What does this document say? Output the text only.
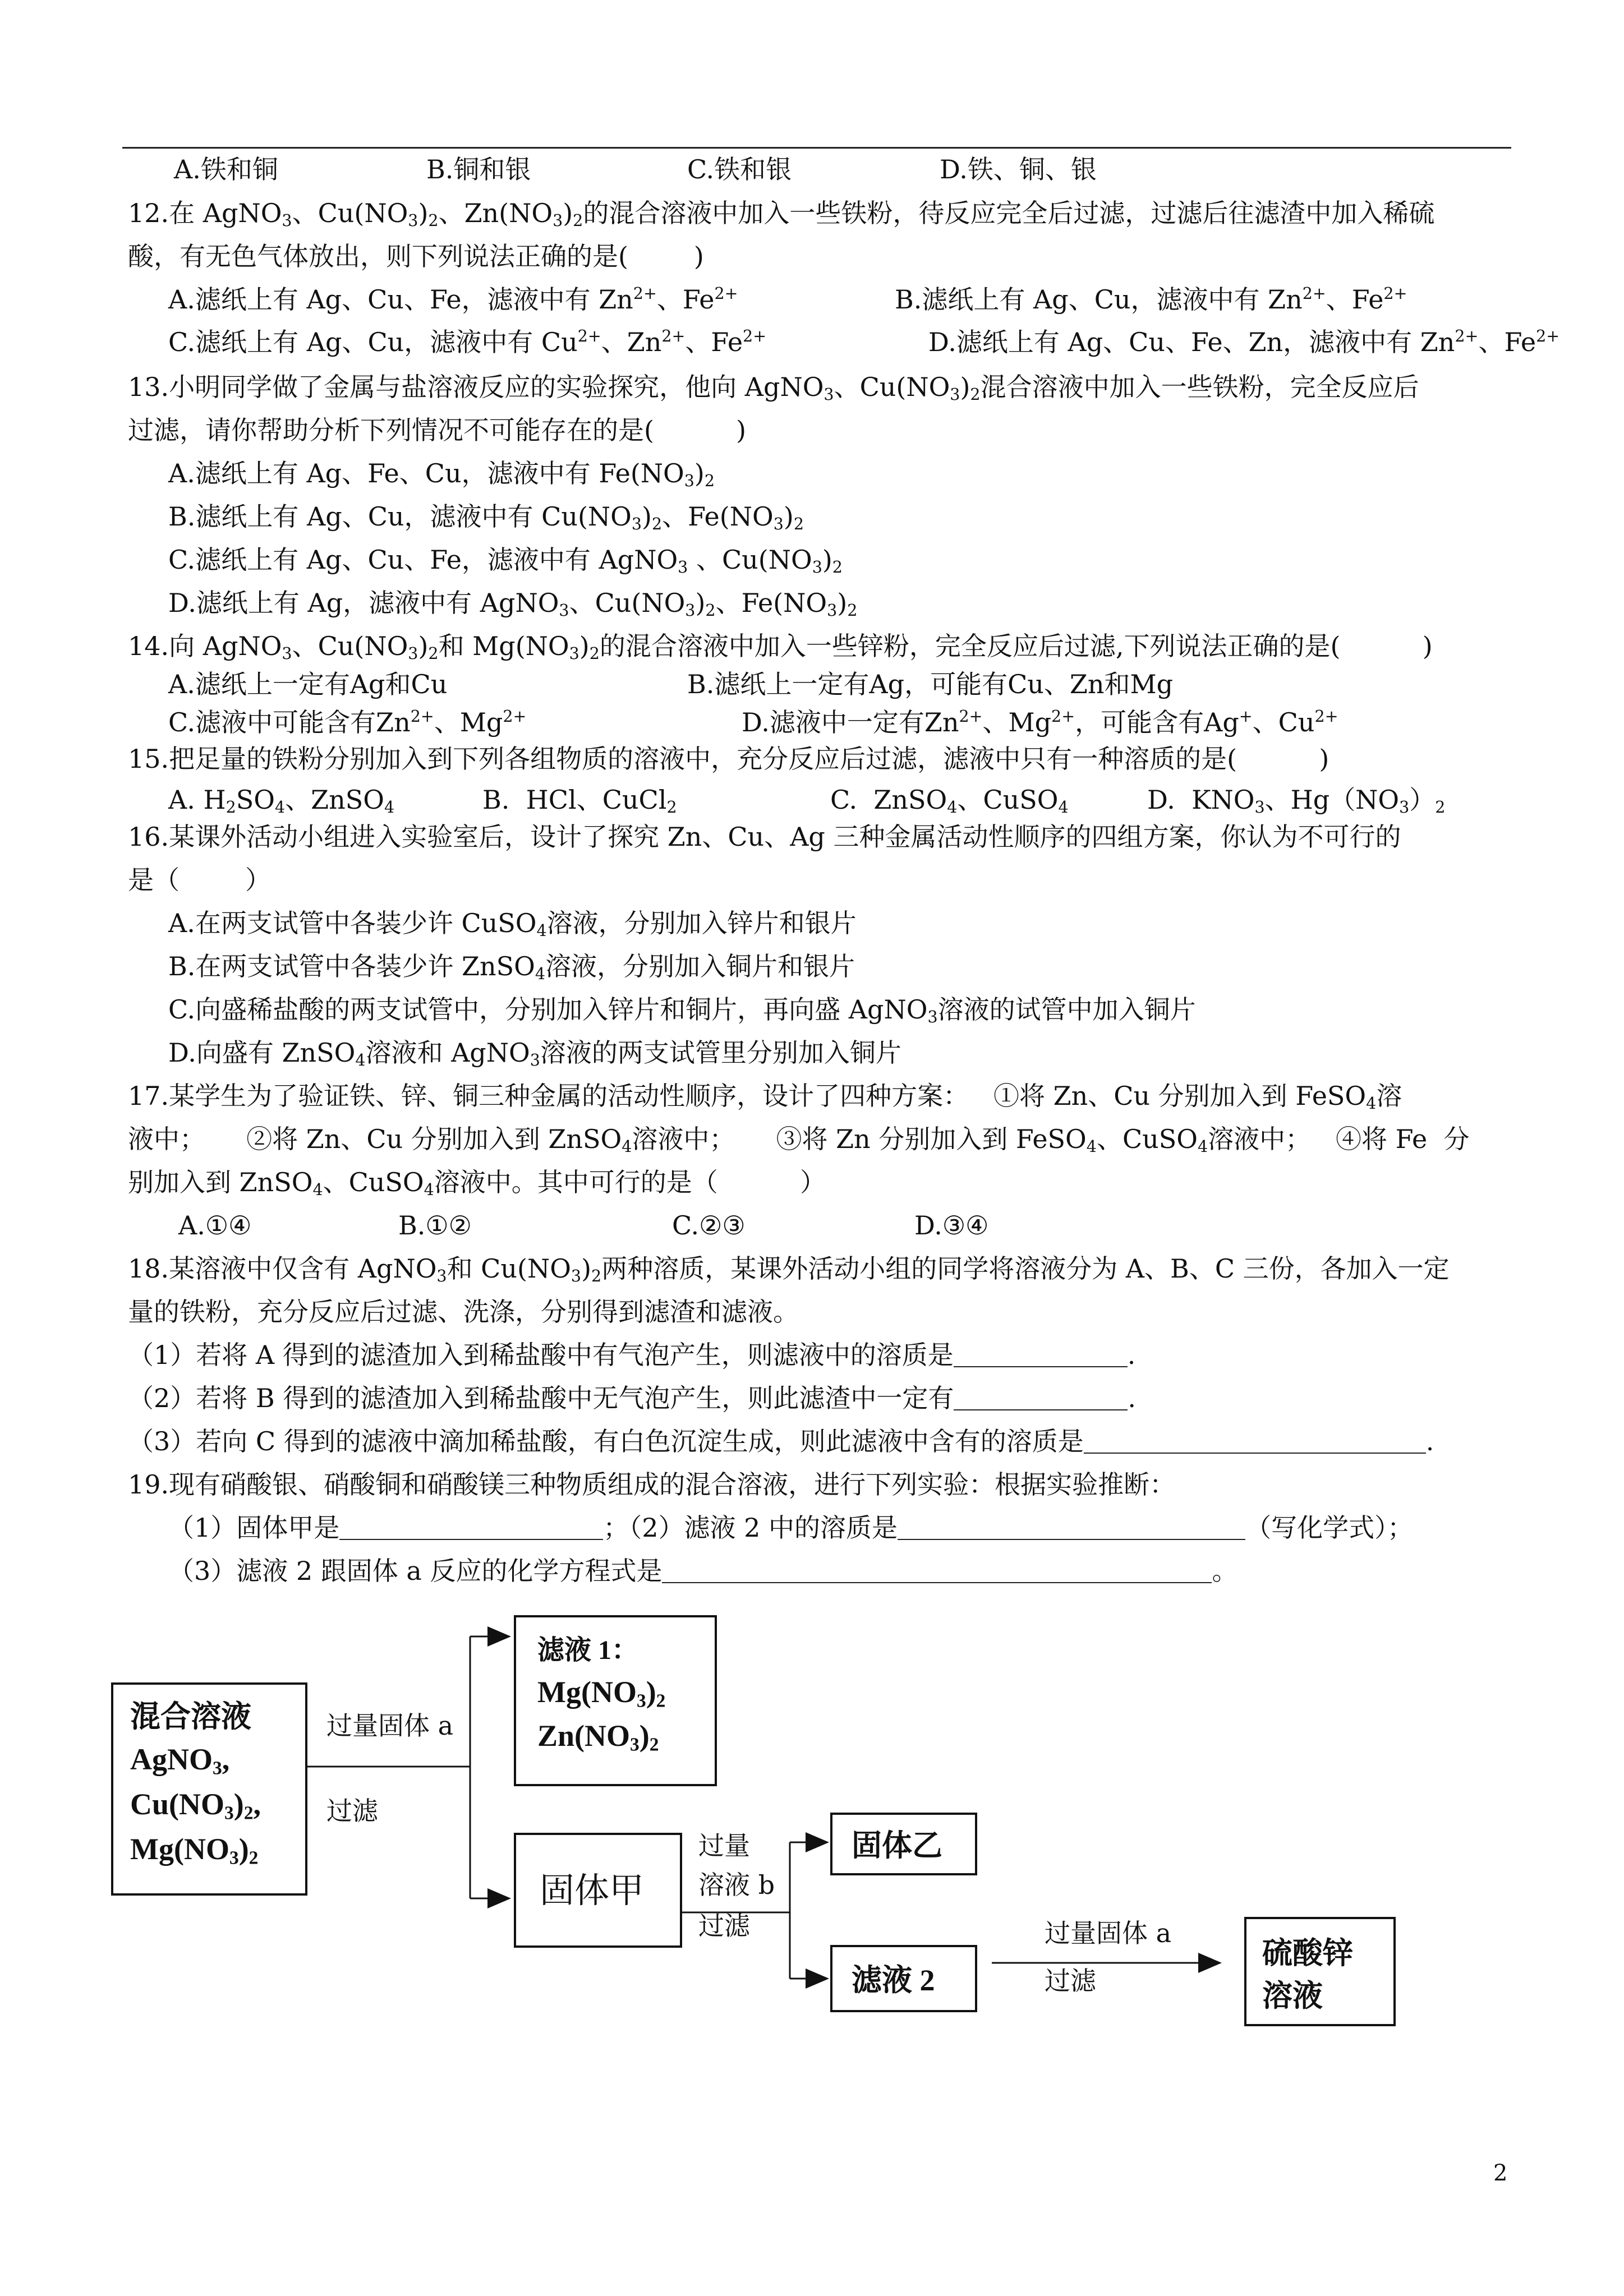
A.铁和铜	B.铜和银	C.铁和银	D.铁、铜、银
12.在 AgNO$_3$、$Cu(NO_3)_2$、$Zn(NO_3)_2$的混合溶液中加入一些铁粉，待反应完全后过滤，过滤后往滤渣中加入稀硫
酸，有无色气体放出，则下列说法正确的是(        )
A.滤纸上有 Ag、Cu、Fe，滤液中有 $Zn^{2+}$、$Fe^{2+}$	B.滤纸上有 Ag、Cu，滤液中有 $Zn^{2+}$、$Fe^{2+}$
C.滤纸上有 Ag、Cu，滤液中有 $Cu^{2+}$、$Zn^{2+}$、$Fe^{2+}$	D.滤纸上有 Ag、Cu、Fe、Zn，滤液中有 $Zn^{2+}$、$Fe^{2+}$
13.小明同学做了金属与盐溶液反应的实验探究，他向 AgNO$_3$、$Cu(NO_3)_2$混合溶液中加入一些铁粉，完全反应后
过滤，请你帮助分析下列情况不可能存在的是(          )
A.滤纸上有 Ag、Fe、Cu，滤液中有 $Fe(NO_3)_2$
B.滤纸上有 Ag、Cu，滤液中有 $Cu(NO_3)_2$、$Fe(NO_3)_2$
C.滤纸上有 Ag、Cu、Fe，滤液中有 AgNO$_3$ 、$Cu(NO_3)_2$
D.滤纸上有 Ag，滤液中有 AgNO$_3$、$Cu(NO_3)_2$、$Fe(NO_3)_2$
14.向 AgNO$_3$、$Cu(NO_3)_2$和 $Mg(NO_3)_2$的混合溶液中加入一些锌粉，完全反应后过滤,下列说法正确的是(          )
A.滤纸上一定有Ag和Cu	B.滤纸上一定有Ag，可能有Cu、Zn和Mg
C.滤液中可能含有$Zn^{2+}$、$Mg^{2+}$	D.滤液中一定有$Zn^{2+}$、$Mg^{2+}$，可能含有Ag+、$Cu^{2+}$
15.把足量的铁粉分别加入到下列各组物质的溶液中，充分反应后过滤，滤液中只有一种溶质的是(          )
A. $H_2SO_4$、ZnSO$_4$	B.  HCl、CuCl$_2$	C.  ZnSO$_4$、CuSO$_4$	D.  $KNO_3$、$Hg(NO_3)_2$
16.某课外活动小组进入实验室后，设计了探究 Zn、Cu、Ag 三种金属活动性顺序的四组方案，你认为不可行的
是（        ）
A.在两支试管中各装少许 CuSO$_4$溶液，分别加入锌片和银片
B.在两支试管中各装少许 ZnSO$_4$溶液，分别加入铜片和银片
C.向盛稀盐酸的两支试管中，分别加入锌片和铜片，再向盛 AgNO$_3$溶液的试管中加入铜片
D.向盛有 ZnSO$_4$溶液和 AgNO$_3$溶液的两支试管里分别加入铜片
17.某学生为了验证铁、锌、铜三种金属的活动性顺序，设计了四种方案：   ①将 Zn、Cu 分别加入到 FeSO$_4$溶
液中；     ②将 Zn、Cu 分别加入到 ZnSO$_4$溶液中；     ③将 Zn 分别加入到 FeSO$_4$、CuSO$_4$溶液中；   ④将 Fe  分
别加入到 ZnSO$_4$、CuSO$_4$溶液中。其中可行的是（          ）
A.①④	B.①②	C.②③	D.③④
18.某溶液中仅含有 AgNO$_3$和 $Cu(NO_3)_2$两种溶质，某课外活动小组的同学将溶液分为 A、B、C 三份，各加入一定
量的铁粉，充分反应后过滤、洗涤，分别得到滤渣和滤液。
（1）若将 A 得到的滤渣加入到稀盐酸中有气泡产生，则滤液中的溶质是	.
（2）若将 B 得到的滤渣加入到稀盐酸中无气泡产生，则此滤渣中一定有	.
（3）若向 C 得到的滤液中滴加稀盐酸，有白色沉淀生成，则此滤液中含有的溶质是	.
19.现有硝酸银、硝酸铜和硝酸镁三种物质组成的混合溶液，进行下列实验：根据实验推断：
（1）固体甲是	；（2）滤液 2 中的溶质是	（写化学式）；
（3）滤液 2 跟固体 a 反应的化学方程式是	。
混合溶液
AgNO$_3$,
$Cu(NO_3)_2$,
$Mg(NO_3)_2$
过量固体 a
过滤
滤液 1：
$Mg(NO_3)_2$
$Zn(NO_3)_2$
固体甲
过量
溶液 b
过滤
固体乙
滤液 2
过量固体 a
过滤
硫酸锌
溶液
2
